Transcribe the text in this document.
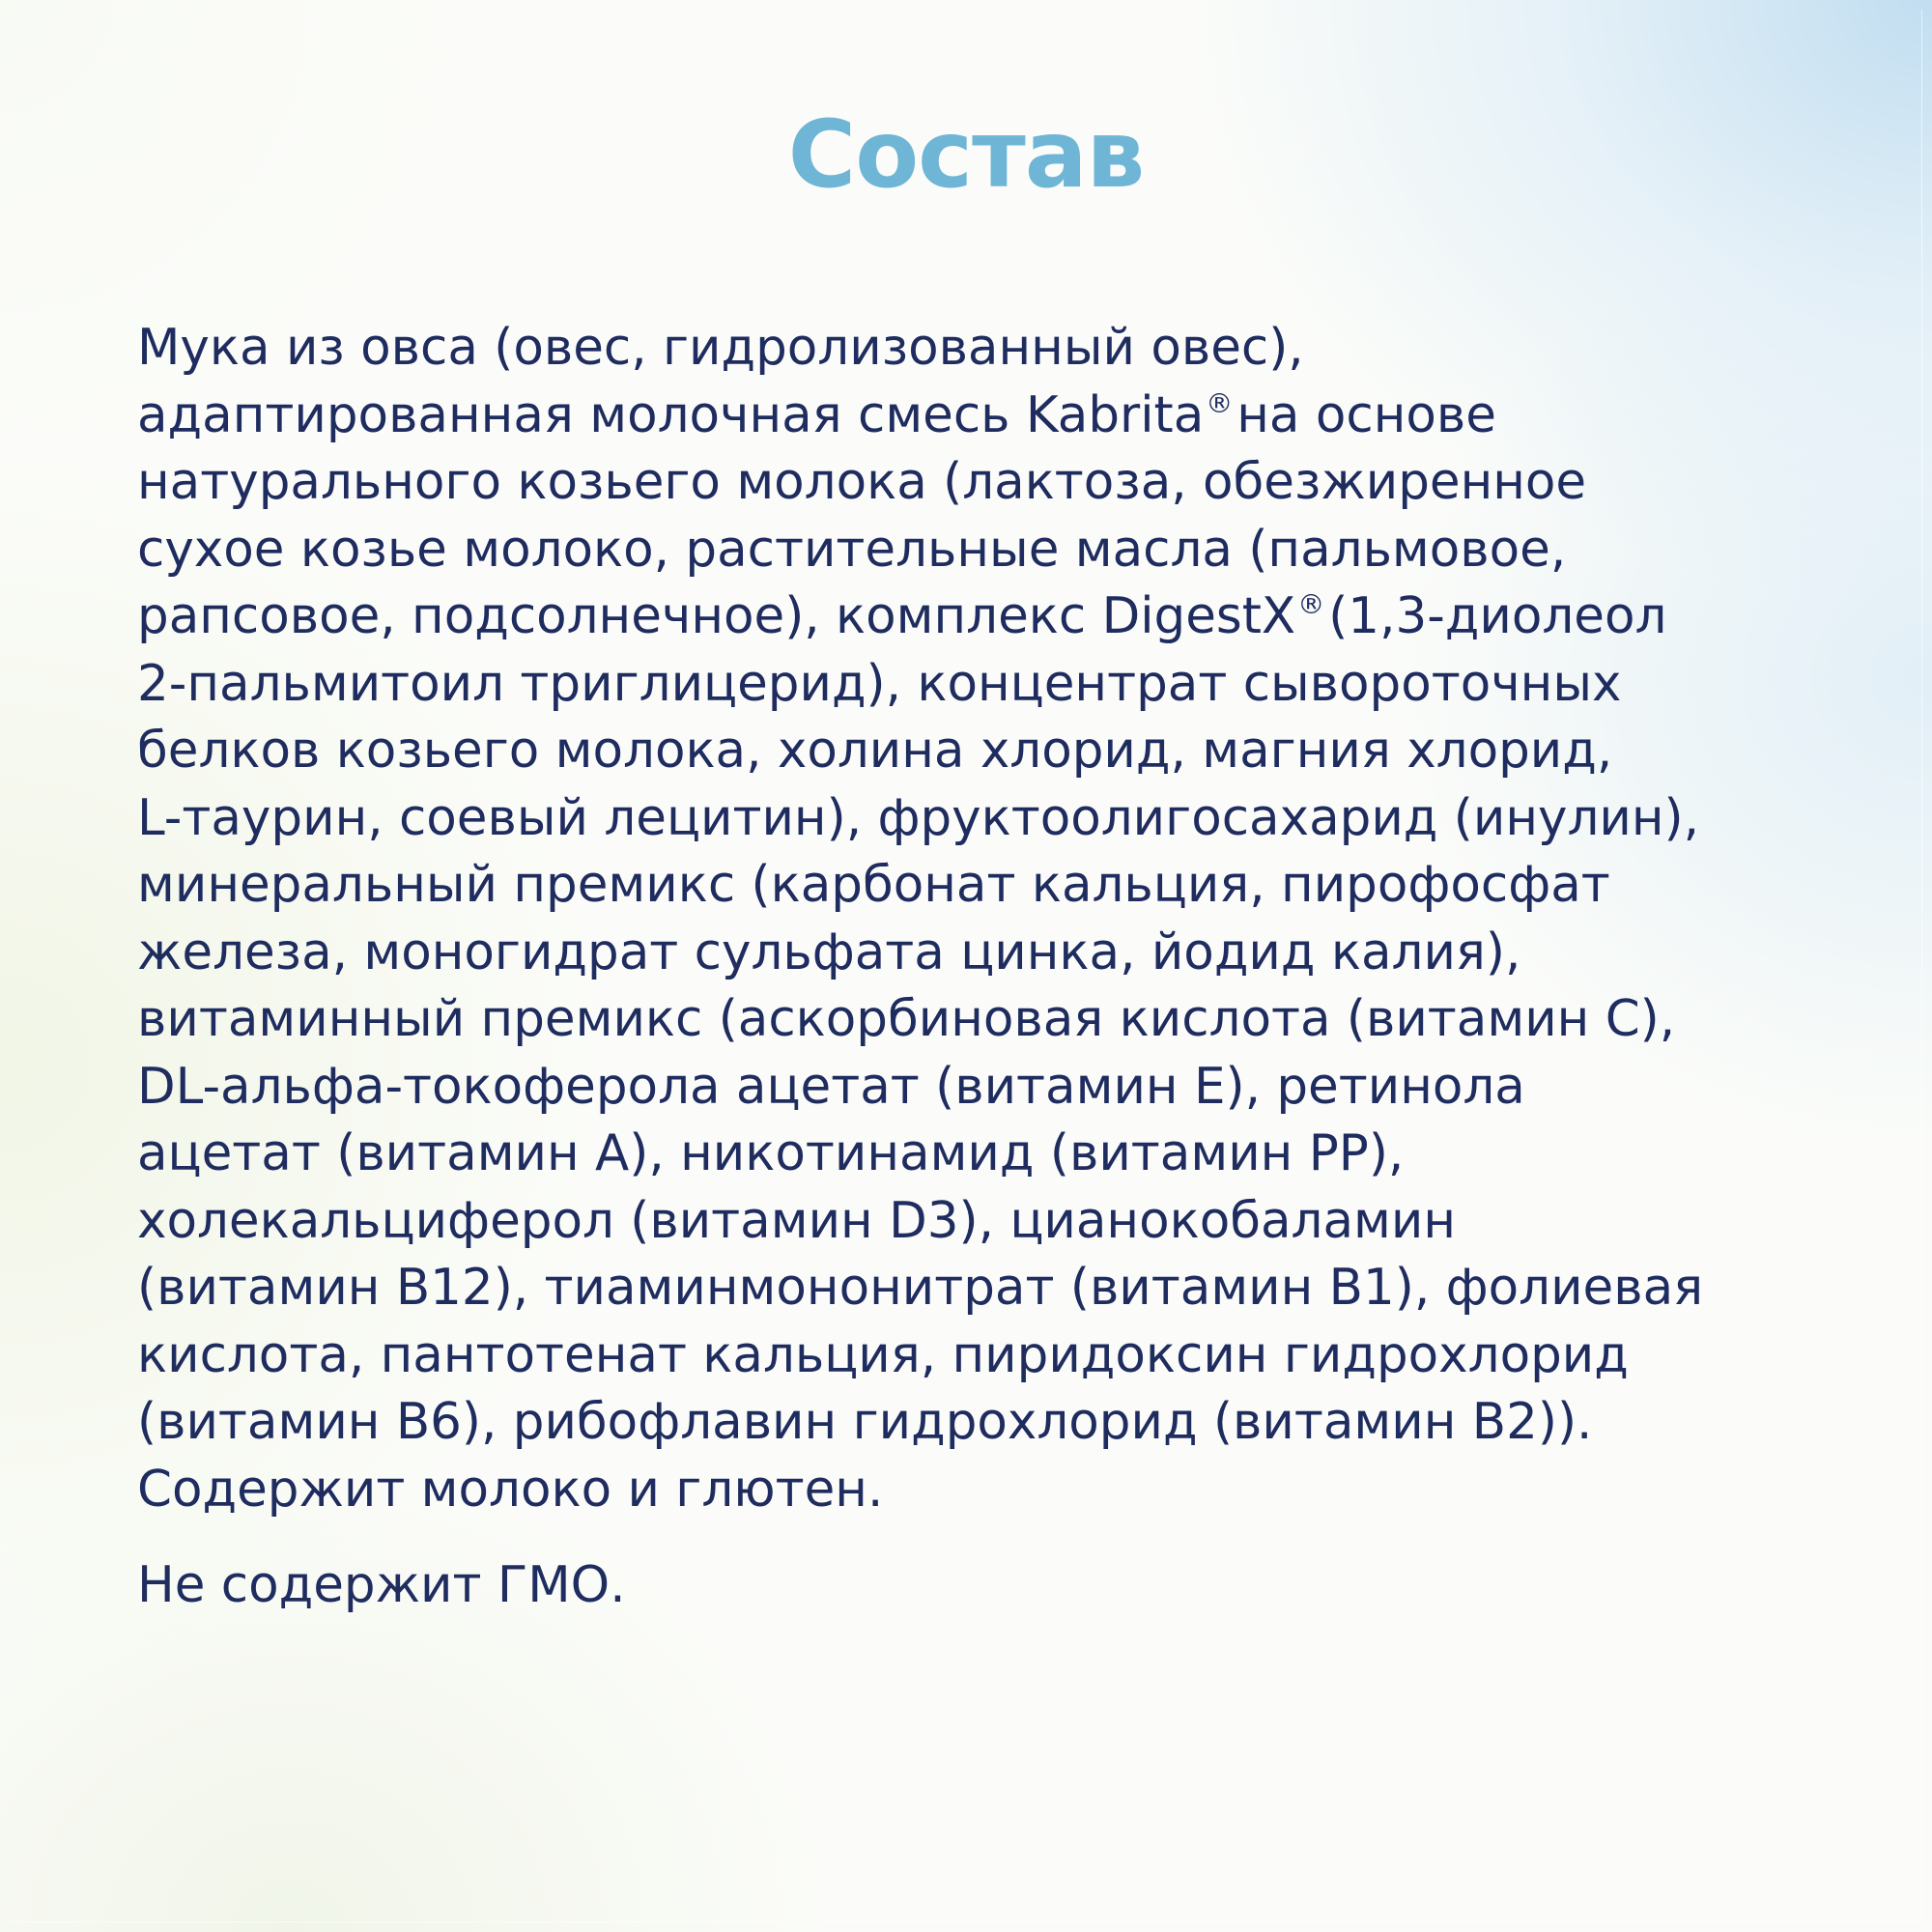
Состав
Мука из овса (овес, гидролизованный овес),
адаптированная молочная смесь Kabrita®на основе
натурального козьего молока (лактоза, обезжиренное
сухое козье молоко, растительные масла (пальмовое,
рапсовое, подсолнечное), комплекс DigestX®(1,3-диолеол
2-пальмитоил триглицерид), концентрат сывороточных
белков козьего молока, холина хлорид, магния хлорид,
L-таурин, соевый лецитин), фруктоолигосахарид (инулин),
минеральный премикс (карбонат кальция, пирофосфат
железа, моногидрат сульфата цинка, йодид калия),
витаминный премикс (аскорбиновая кислота (витамин С),
DL-альфа-токоферола ацетат (витамин Е), ретинола
ацетат (витамин А), никотинамид (витамин РР),
холекальциферол (витамин D3), цианокобаламин
(витамин В12), тиаминмононитрат (витамин В1), фолиевая
кислота, пантотенат кальция, пиридоксин гидрохлорид
(витамин В6), рибофлавин гидрохлорид (витамин В2)).
Содержит молоко и глютен.
Не содержит ГМО.
